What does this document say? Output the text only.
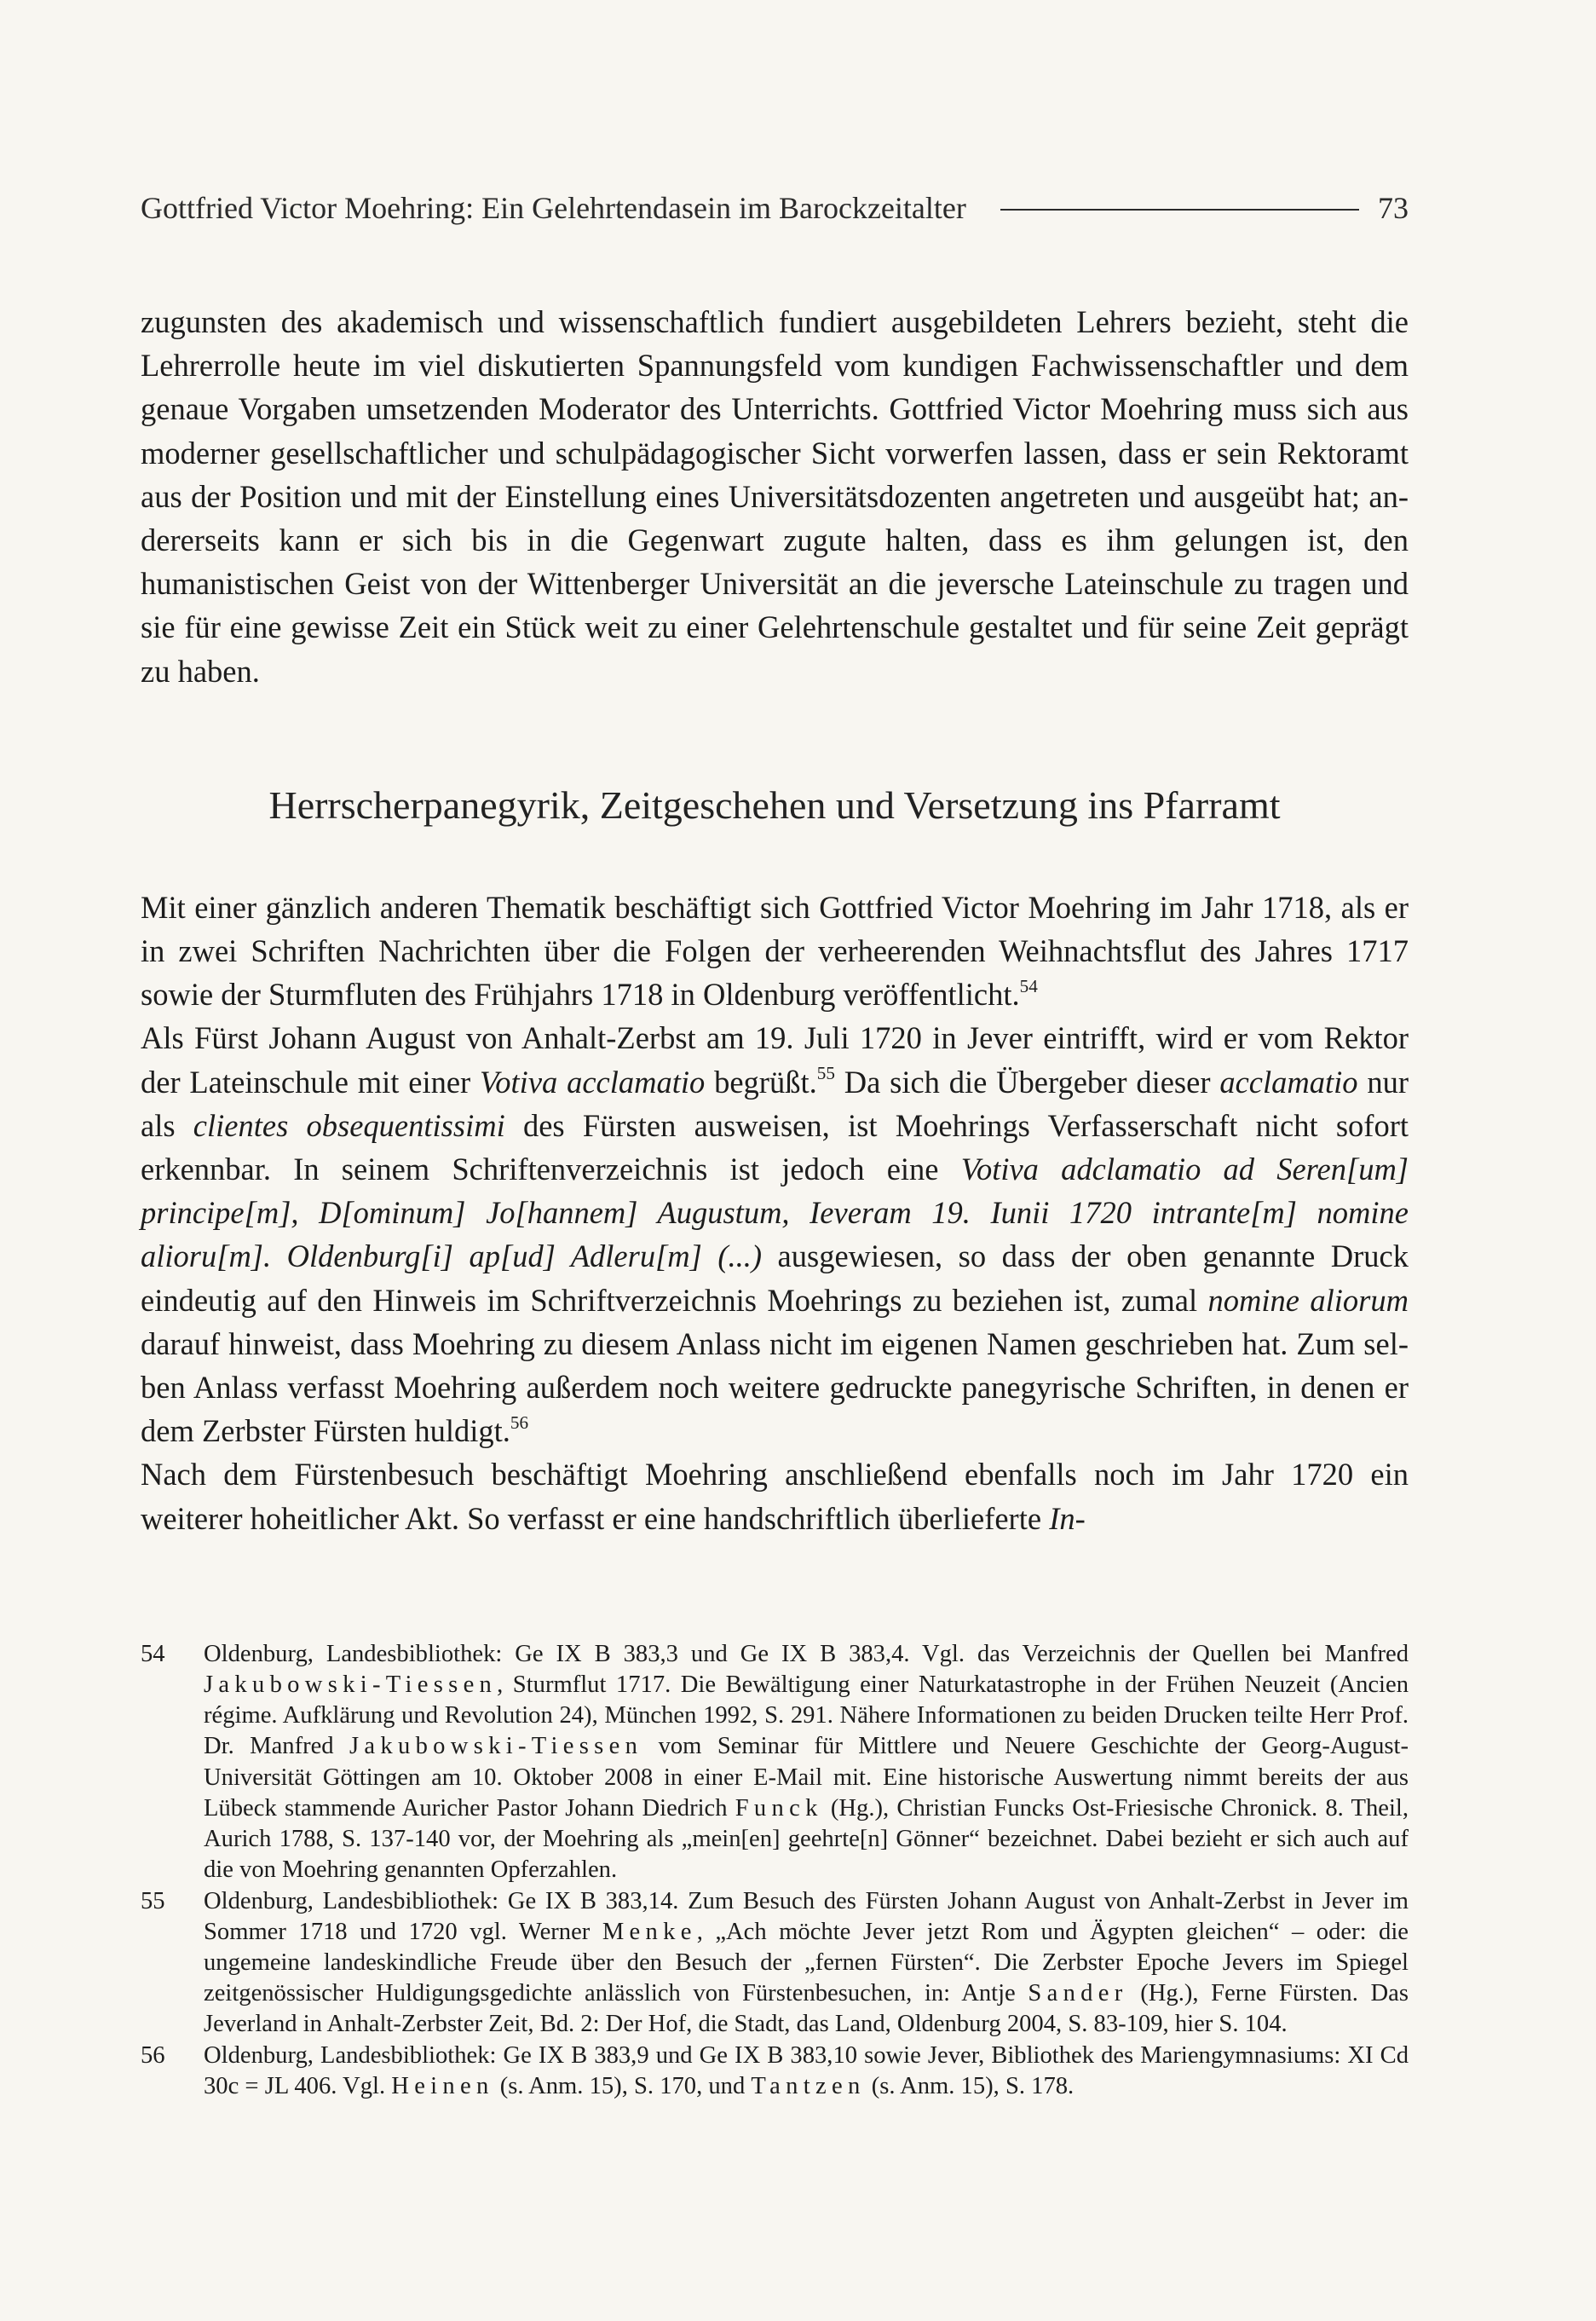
Gottfried Victor Moehring: Ein Gelehrtendasein im Barockzeitalter	73

zugunsten des akademisch und wissenschaftlich fundiert ausgebildeten Lehrers bezieht, steht die Lehrerrolle heute im viel diskutierten Spannungsfeld vom kundigen Fachwissenschaftler und dem genaue Vorgaben umsetzenden Moderator des Unterrichts. Gottfried Victor Moehring muss sich aus moderner gesellschaftlicher und schulpädagogischer Sicht vorwerfen lassen, dass er sein Rektoramt aus der Position und mit der Einstellung eines Universitätsdozenten angetreten und ausgeübt hat; andererseits kann er sich bis in die Gegenwart zugute halten, dass es ihm gelungen ist, den humanistischen Geist von der Wittenberger Universität an die jeversche Lateinschule zu tragen und sie für eine gewisse Zeit ein Stück weit zu einer Gelehrtenschule gestaltet und für seine Zeit geprägt zu haben.

Herrscherpanegyrik, Zeitgeschehen und Versetzung ins Pfarramt

Mit einer gänzlich anderen Thematik beschäftigt sich Gottfried Victor Moehring im Jahr 1718, als er in zwei Schriften Nachrichten über die Folgen der verheerenden Weihnachtsflut des Jahres 1717 sowie der Sturmfluten des Frühjahrs 1718 in Oldenburg veröffentlicht.$^{54}$

Als Fürst Johann August von Anhalt-Zerbst am 19. Juli 1720 in Jever eintrifft, wird er vom Rektor der Lateinschule mit einer Votiva acclamatio begrüßt.$^{55}$ Da sich die Übergeber dieser acclamatio nur als clientes obsequentissimi des Fürsten ausweisen, ist Moehrings Verfasserschaft nicht sofort erkennbar. In seinem Schriftenverzeichnis ist jedoch eine Votiva adclamatio ad Seren[um] principe[m], D[ominum] Jo[hannem] Augustum, Ieveram 19. Iunii 1720 intrante[m] nomine alioru[m]. Oldenburg[i] ap[ud] Adleru[m] (...) ausgewiesen, so dass der oben genannte Druck eindeutig auf den Hinweis im Schriftverzeichnis Moehrings zu beziehen ist, zumal nomine aliorum darauf hinweist, dass Moehring zu diesem Anlass nicht im eigenen Namen geschrieben hat. Zum selben Anlass verfasst Moehring außerdem noch weitere gedruckte panegyrische Schriften, in denen er dem Zerbster Fürsten huldigt.$^{56}$

Nach dem Fürstenbesuch beschäftigt Moehring anschließend ebenfalls noch im Jahr 1720 ein weiterer hoheitlicher Akt. So verfasst er eine handschriftlich überlieferte In-

54	Oldenburg, Landesbibliothek: Ge IX B 383,3 und Ge IX B 383,4. Vgl. das Verzeichnis der Quellen bei Manfred Jakubowski-Tiessen, Sturmflut 1717. Die Bewältigung einer Naturkatastrophe in der Frühen Neuzeit (Ancien régime. Aufklärung und Revolution 24), München 1992, S. 291. Nähere Informationen zu beiden Drucken teilte Herr Prof. Dr. Manfred Jakubowski-Tiessen vom Seminar für Mittlere und Neuere Geschichte der Georg-August-Universität Göttingen am 10. Oktober 2008 in einer E-Mail mit. Eine historische Auswertung nimmt bereits der aus Lübeck stammende Auricher Pastor Johann Diedrich Funck (Hg.), Christian Funcks Ost-Friesische Chronick. 8. Theil, Aurich 1788, S. 137-140 vor, der Moehring als „mein[en] geehrte[n] Gönner“ bezeichnet. Dabei bezieht er sich auch auf die von Moehring genannten Opferzahlen.
55	Oldenburg, Landesbibliothek: Ge IX B 383,14. Zum Besuch des Fürsten Johann August von Anhalt-Zerbst in Jever im Sommer 1718 und 1720 vgl. Werner Menke, „Ach möchte Jever jetzt Rom und Ägypten gleichen“ – oder: die ungemeine landeskindliche Freude über den Besuch der „fernen Fürsten“. Die Zerbster Epoche Jevers im Spiegel zeitgenössischer Huldigungsgedichte anlässlich von Fürstenbesuchen, in: Antje Sander (Hg.), Ferne Fürsten. Das Jeverland in Anhalt-Zerbster Zeit, Bd. 2: Der Hof, die Stadt, das Land, Oldenburg 2004, S. 83-109, hier S. 104.
56	Oldenburg, Landesbibliothek: Ge IX B 383,9 und Ge IX B 383,10 sowie Jever, Bibliothek des Mariengymnasiums: XI Cd 30c = JL 406. Vgl. Heinen (s. Anm. 15), S. 170, und Tantzen (s. Anm. 15), S. 178.
